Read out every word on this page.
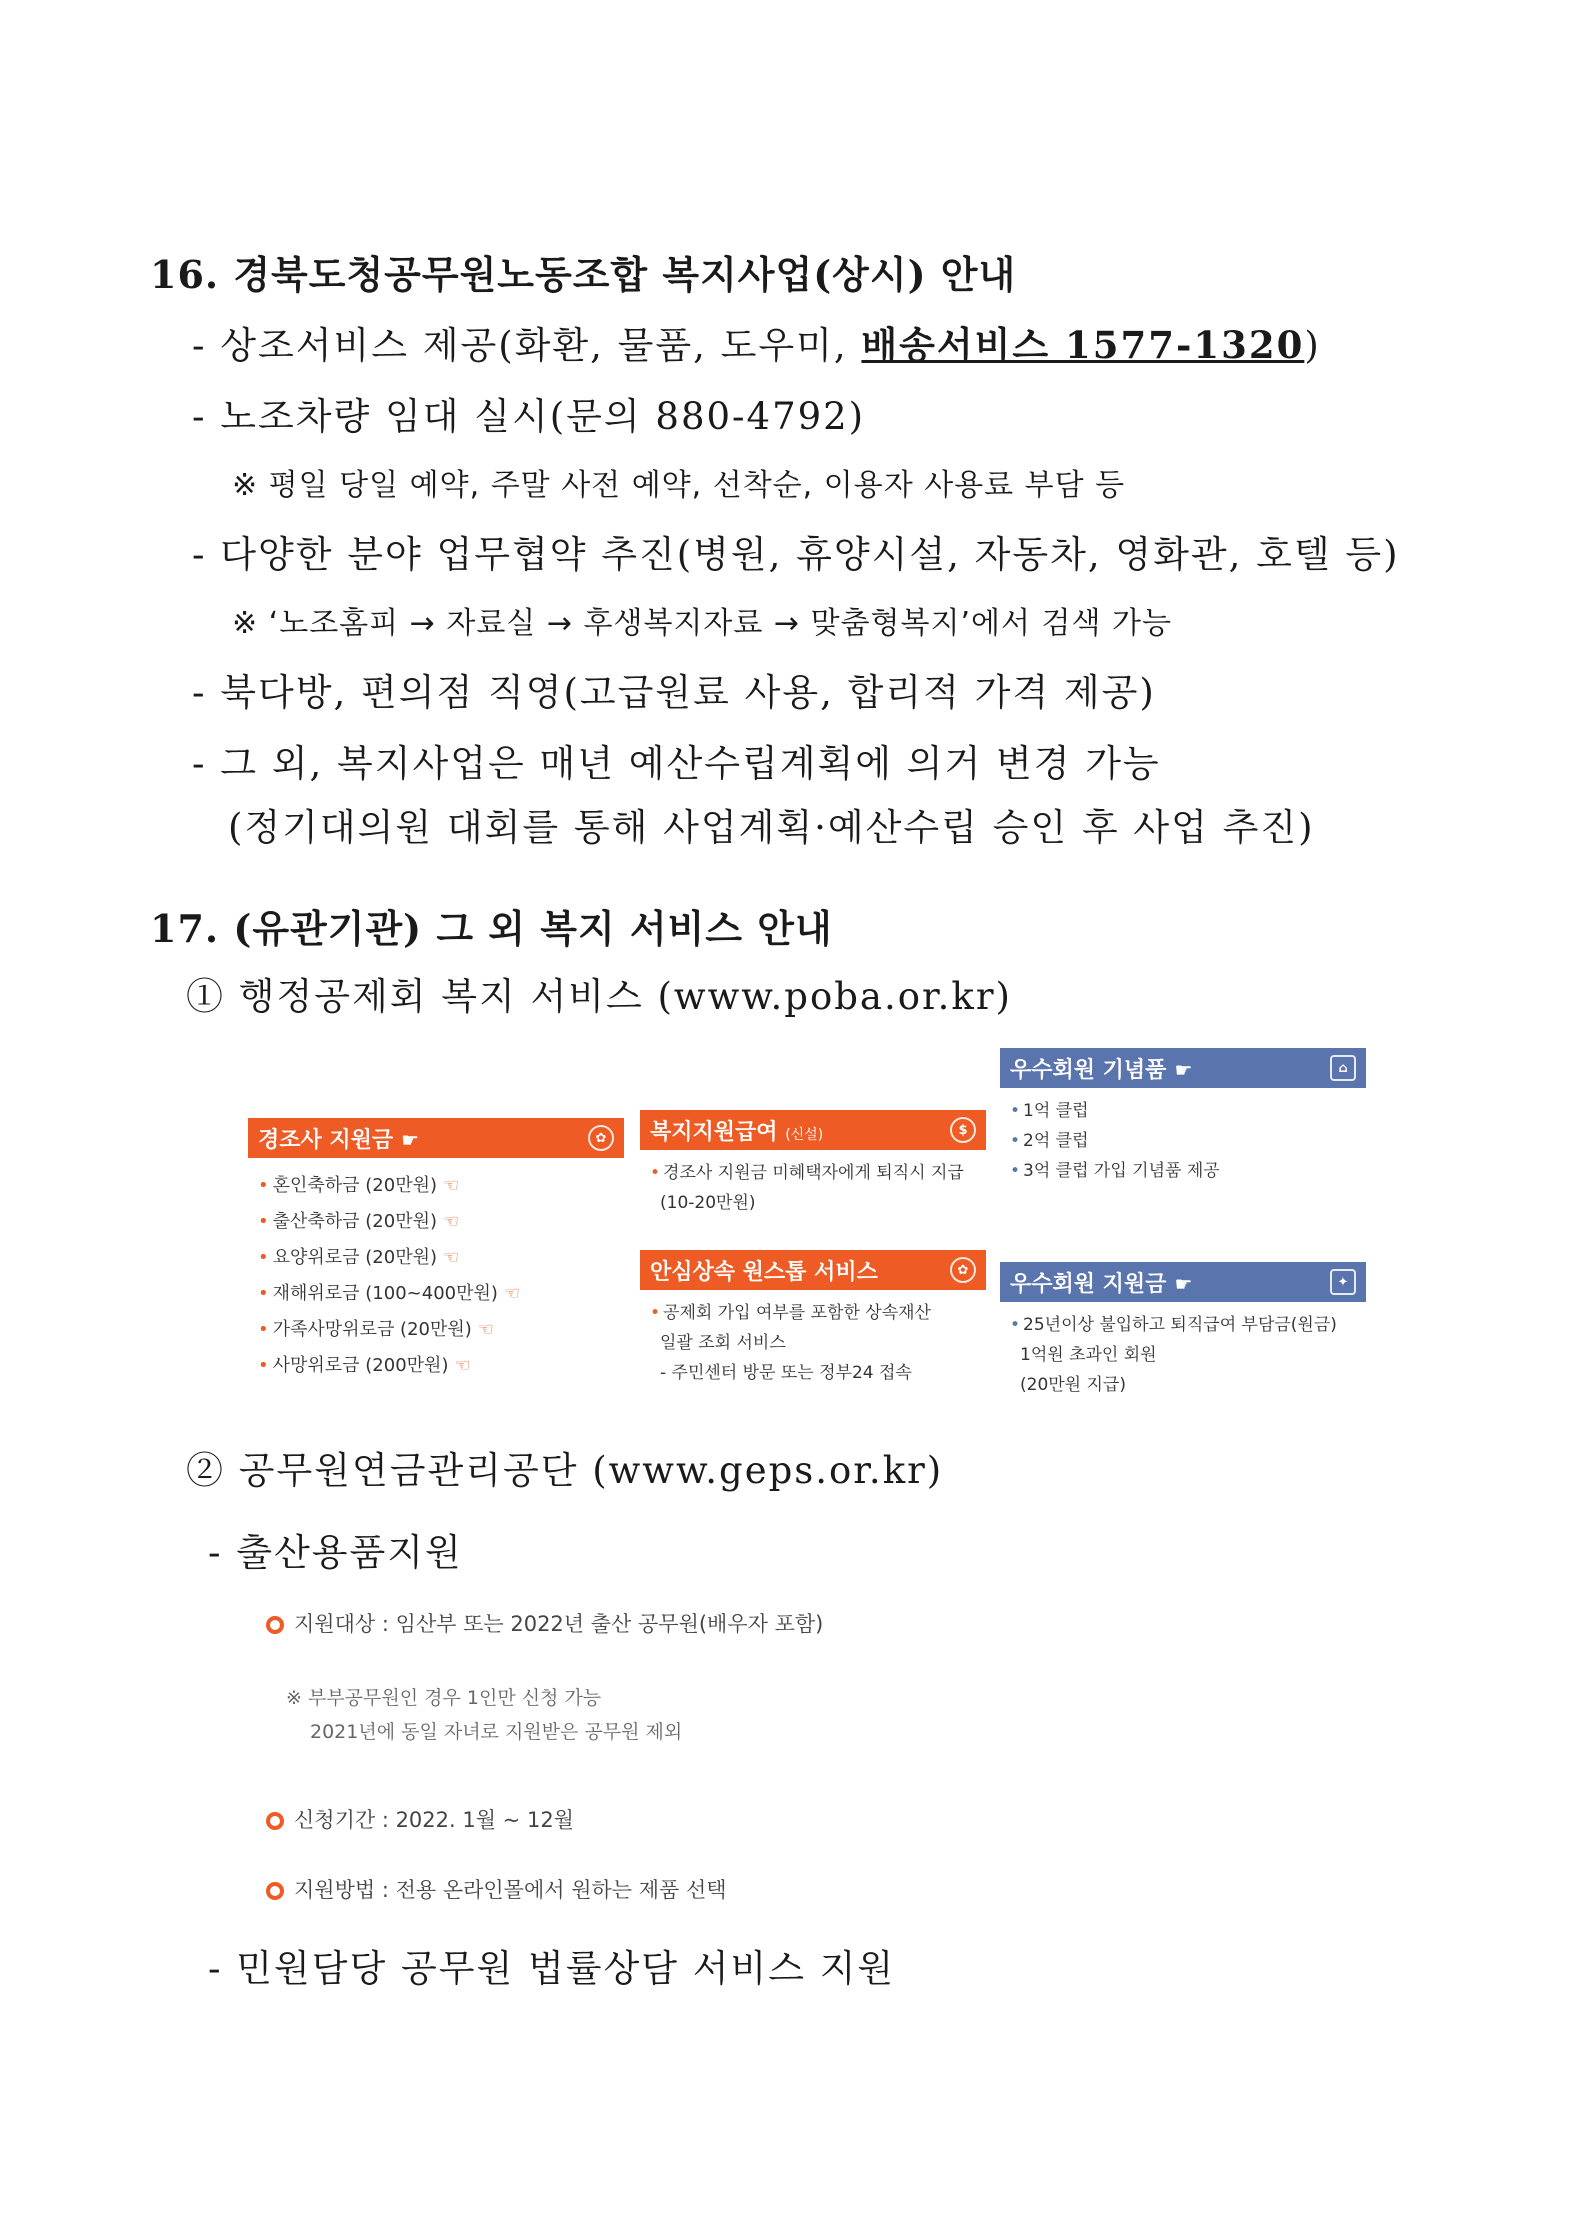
16. 경북도청공무원노동조합 복지사업(상시) 안내
- 상조서비스 제공(화환, 물품, 도우미, 배송서비스 1577-1320)
- 노조차량 임대 실시(문의 880-4792)
※ 평일 당일 예약, 주말 사전 예약, 선착순, 이용자 사용료 부담 등
- 다양한 분야 업무협약 추진(병원, 휴양시설, 자동차, 영화관, 호텔 등)
※ ‘노조홈피 → 자료실 → 후생복지자료 → 맞춤형복지’에서 검색 가능
- 북다방, 편의점 직영(고급원료 사용, 합리적 가격 제공)
- 그 외, 복지사업은 매년 예산수립계획에 의거 변경 가능
(정기대의원 대회를 통해 사업계획·예산수립 승인 후 사업 추진)
17. (유관기관) 그 외 복지 서비스 안내
① 행정공제회 복지 서비스 (www.poba.or.kr)
경조사 지원금 ☛	✿
• 혼인축하금 (20만원) ☜
• 출산축하금 (20만원) ☜
• 요양위로금 (20만원) ☜
• 재해위로금 (100~400만원) ☜
• 가족사망위로금 (20만원) ☜
• 사망위로금 (200만원) ☜
복지지원급여 (신설)	$
• 경조사 지원금 미혜택자에게 퇴직시 지급
(10-20만원)
안심상속 원스톱 서비스	✿
• 공제회 가입 여부를 포함한 상속재산
일괄 조회 서비스
- 주민센터 방문 또는 정부24 접속
우수회원 기념품 ☛	⌂
• 1억 클럽
• 2억 클럽
• 3억 클럽 가입 기념품 제공
우수회원 지원금 ☛	✦
• 25년이상 불입하고 퇴직급여 부담금(원금)
1억원 초과인 회원
(20만원 지급)
② 공무원연금관리공단 (www.geps.or.kr)
- 출산용품지원
지원대상 : 임산부 또는 2022년 출산 공무원(배우자 포함)
※ 부부공무원인 경우 1인만 신청 가능
2021년에 동일 자녀로 지원받은 공무원 제외
신청기간 : 2022. 1월 ~ 12월
지원방법 : 전용 온라인몰에서 원하는 제품 선택
- 민원담당 공무원 법률상담 서비스 지원
